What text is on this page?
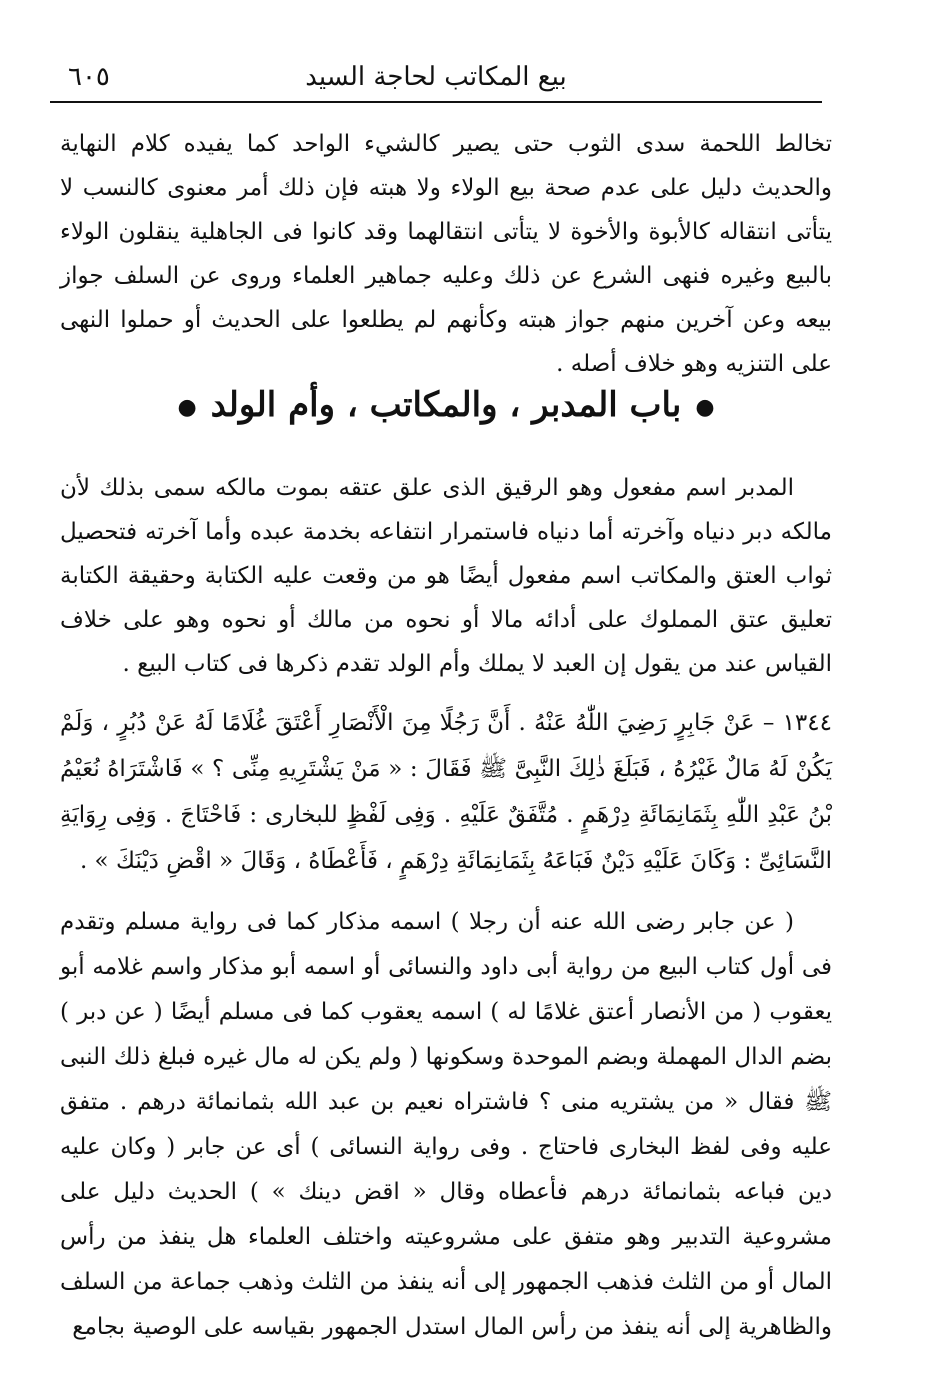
بيع المكاتب لحاجة السيد
٦٠٥

تخالط اللحمة سدى الثوب حتى يصير كالشيء الواحد كما يفيده كلام النهاية والحديث دليل على عدم صحة بيع الولاء ولا هبته فإن ذلك أمر معنوى كالنسب لا يتأتى انتقاله كالأبوة والأخوة لا يتأتى انتقالهما وقد كانوا فى الجاهلية ينقلون الولاء بالبيع وغيره فنهى الشرع عن ذلك وعليه جماهير العلماء وروى عن السلف جواز بيعه وعن آخرين منهم جواز هبته وكأنهم لم يطلعوا على الحديث أو حملوا النهى على التنزيه وهو خلاف أصله .

●باب المدبر ، والمكاتب ، وأم الولد●

المدبر اسم مفعول وهو الرقيق الذى علق عتقه بموت مالكه سمى بذلك لأن مالكه دبر دنياه وآخرته أما دنياه فاستمرار انتفاعه بخدمة عبده وأما آخرته فتحصيل ثواب العتق والمكاتب اسم مفعول أيضًا هو من وقعت عليه الكتابة وحقيقة الكتابة تعليق عتق المملوك على أدائه مالا أو نحوه من مالك أو نحوه وهو على خلاف القياس عند من يقول إن العبد لا يملك وأم الولد تقدم ذكرها فى كتاب البيع .

١٣٤٤ – عَنْ جَابِرٍ رَضِيَ اللّٰهُ عَنْهُ . أَنَّ رَجُلًا مِنَ الْأَنْصَارِ أَعْتَقَ غُلَامًا لَهُ عَنْ دُبُرٍ ، وَلَمْ يَكُنْ لَهُ مَالٌ غَيْرُهُ ، فَبَلَغَ ذٰلِكَ النَّبِىَّ ﷺ فَقَالَ : « مَنْ يَشْتَرِيهِ مِنِّى ؟ » فَاشْتَرَاهُ نُعَيْمُ بْنُ عَبْدِ اللّٰهِ بِثَمَانِمَائَةِ دِرْهَمٍ . مُتَّفَقٌ عَلَيْهِ . وَفِى لَفْظٍ للبخارى : فَاحْتَاجَ . وَفِى رِوَايَةِ النَّسَائِىِّ : وَكَانَ عَلَيْهِ دَيْنٌ فَبَاعَهُ بِثَمَانِمَائَةِ دِرْهَمٍ ، فَأَعْطَاهُ ، وَقَالَ « اقْضِ دَيْنَكَ » .

( عن جابر رضى الله عنه أن رجلا ) اسمه مذكار كما فى رواية مسلم وتقدم فى أول كتاب البيع من رواية أبى داود والنسائى أو اسمه أبو مذكار واسم غلامه أبو يعقوب ( من الأنصار أعتق غلامًا له ) اسمه يعقوب كما فى مسلم أيضًا ( عن دبر ) بضم الدال المهملة وبضم الموحدة وسكونها ( ولم يكن له مال غيره فبلغ ذلك النبى ﷺ فقال « من يشتريه منى ؟ فاشتراه نعيم بن عبد الله بثمانمائة درهم . متفق عليه وفى لفظ البخارى فاحتاج . وفى رواية النسائى ) أى عن جابر ( وكان عليه دين فباعه بثمانمائة درهم فأعطاه وقال « اقض دينك » ) الحديث دليل على مشروعية التدبير وهو متفق على مشروعيته واختلف العلماء هل ينفذ من رأس المال أو من الثلث فذهب الجمهور إلى أنه ينفذ من الثلث وذهب جماعة من السلف والظاهرية إلى أنه ينفذ من رأس المال استدل الجمهور بقياسه على الوصية بجامع
